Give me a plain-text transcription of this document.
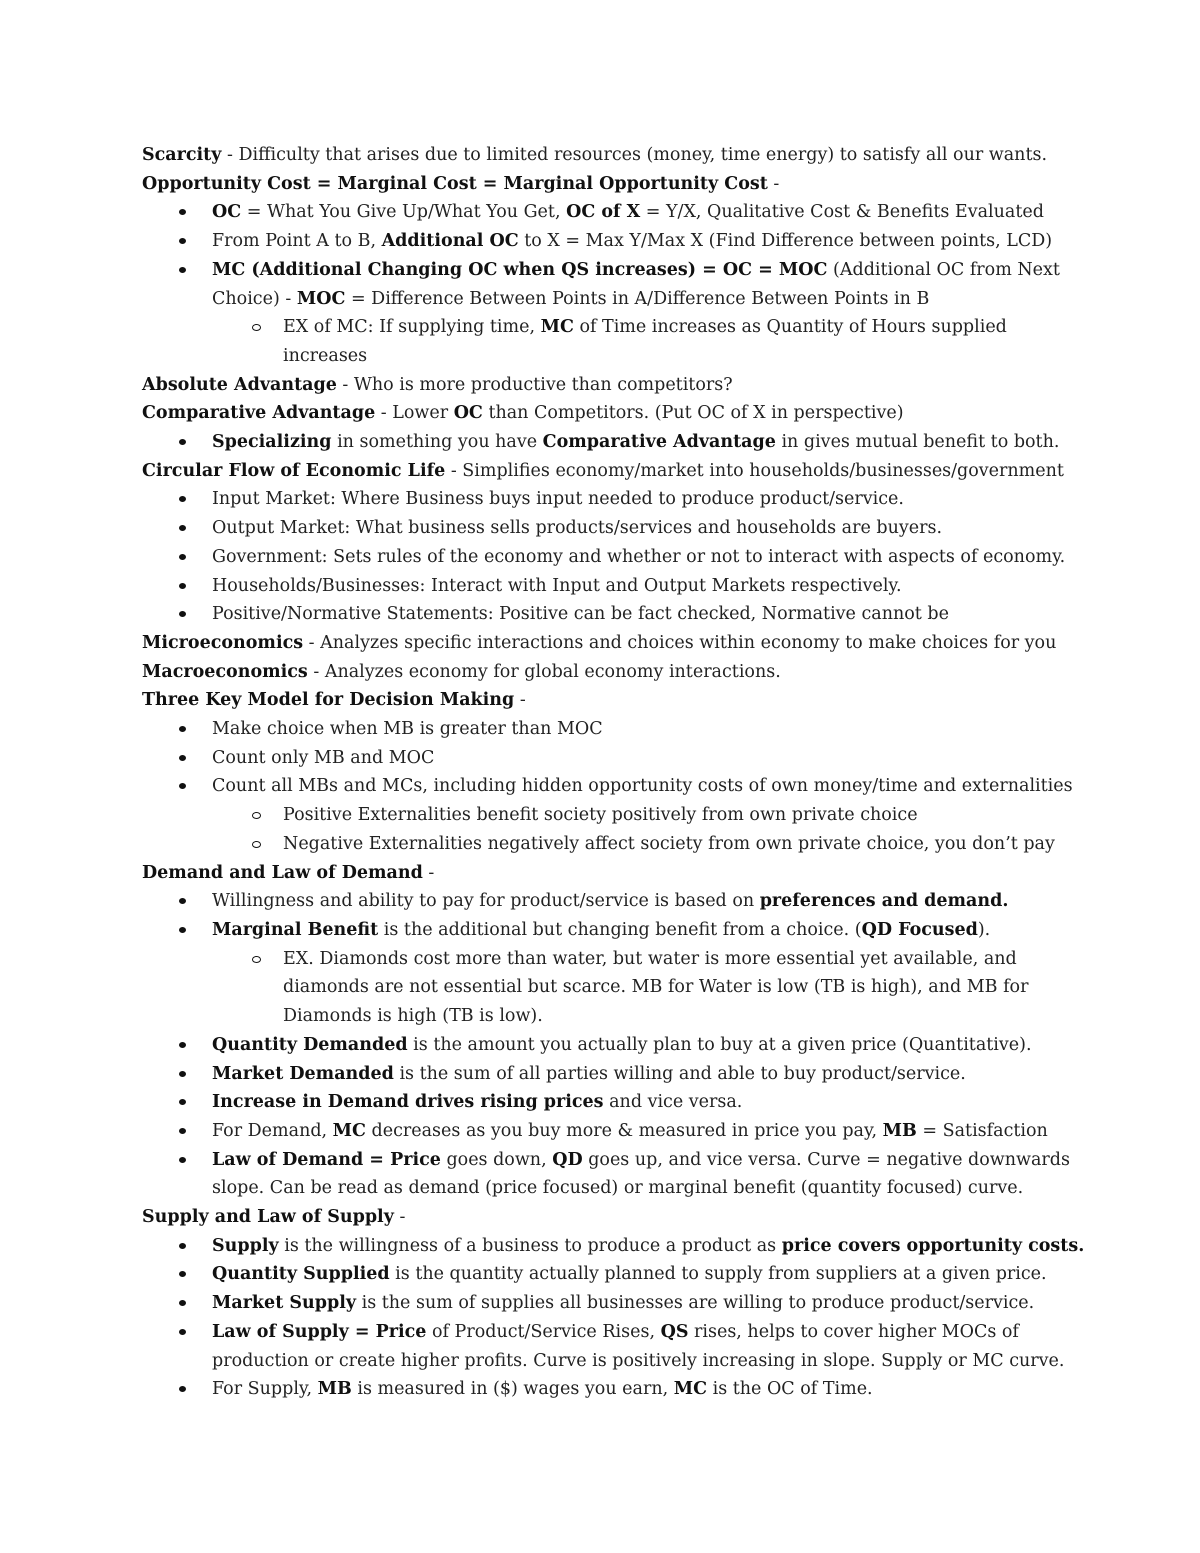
Scarcity - Difficulty that arises due to limited resources (money, time energy) to satisfy all our wants.
Opportunity Cost = Marginal Cost = Marginal Opportunity Cost -
OC = What You Give Up/What You Get, OC of X = Y/X, Qualitative Cost & Benefits Evaluated
From Point A to B, Additional OC to X = Max Y/Max X (Find Difference between points, LCD)
MC (Additional Changing OC when QS increases) = OC = MOC (Additional OC from Next Choice) - MOC = Difference Between Points in A/Difference Between Points in B
EX of MC: If supplying time, MC of Time increases as Quantity of Hours supplied increases
Absolute Advantage - Who is more productive than competitors?
Comparative Advantage - Lower OC than Competitors. (Put OC of X in perspective)
Specializing in something you have Comparative Advantage in gives mutual benefit to both.
Circular Flow of Economic Life - Simplifies economy/market into households/businesses/government
Input Market: Where Business buys input needed to produce product/service.
Output Market: What business sells products/services and households are buyers.
Government: Sets rules of the economy and whether or not to interact with aspects of economy.
Households/Businesses: Interact with Input and Output Markets respectively.
Positive/Normative Statements: Positive can be fact checked, Normative cannot be
Microeconomics - Analyzes specific interactions and choices within economy to make choices for you
Macroeconomics - Analyzes economy for global economy interactions.
Three Key Model for Decision Making -
Make choice when MB is greater than MOC
Count only MB and MOC
Count all MBs and MCs, including hidden opportunity costs of own money/time and externalities
Positive Externalities benefit society positively from own private choice
Negative Externalities negatively affect society from own private choice, you don’t pay
Demand and Law of Demand -
Willingness and ability to pay for product/service is based on preferences and demand.
Marginal Benefit is the additional but changing benefit from a choice. (QD Focused).
EX. Diamonds cost more than water, but water is more essential yet available, and diamonds are not essential but scarce. MB for Water is low (TB is high), and MB for Diamonds is high (TB is low).
Quantity Demanded is the amount you actually plan to buy at a given price (Quantitative).
Market Demanded is the sum of all parties willing and able to buy product/service.
Increase in Demand drives rising prices and vice versa.
For Demand, MC decreases as you buy more & measured in price you pay, MB = Satisfaction
Law of Demand = Price goes down, QD goes up, and vice versa. Curve = negative downwards slope. Can be read as demand (price focused) or marginal benefit (quantity focused) curve.
Supply and Law of Supply -
Supply is the willingness of a business to produce a product as price covers opportunity costs.
Quantity Supplied is the quantity actually planned to supply from suppliers at a given price.
Market Supply is the sum of supplies all businesses are willing to produce product/service.
Law of Supply = Price of Product/Service Rises, QS rises, helps to cover higher MOCs of production or create higher profits. Curve is positively increasing in slope. Supply or MC curve.
For Supply, MB is measured in ($) wages you earn, MC is the OC of Time.
